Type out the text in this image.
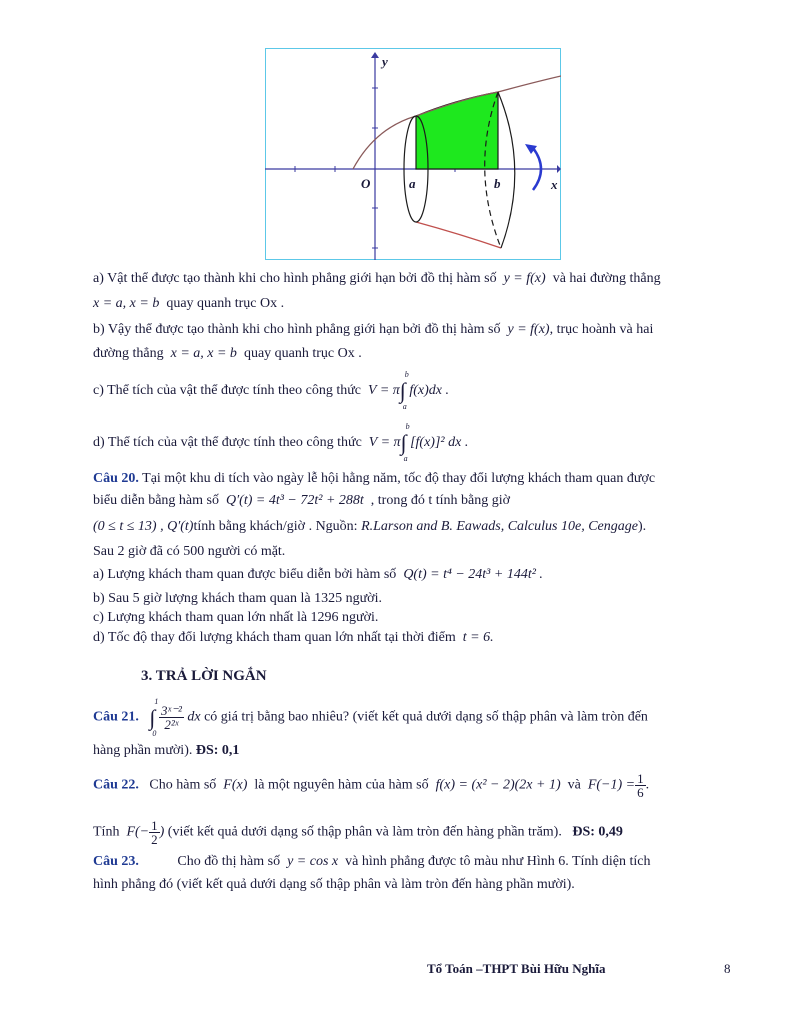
y
x
O	a	b
a) Vật thể được tạo thành khi cho hình phẳng giới hạn bởi đồ thị hàm số y = f(x) và hai đường thẳng
x = a, x = b quay quanh trục Ox .
b) Vậy thể được tạo thành khi cho hình phẳng giới hạn bởi đồ thị hàm số y = f(x), trục hoành và hai
đường thẳng x = a, x = b quay quanh trục Ox .
c) Thể tích của vật thể được tính theo công thức V = π∫
b
a
f(x)dx .
d) Thể tích của vật thể được tính theo công thức V = π∫
b
a
[f(x)]² dx .
Câu 20. Tại một khu di tích vào ngày lễ hội hằng năm, tốc độ thay đổi lượng khách tham quan được
biểu diễn bằng hàm số Q′(t) = 4t³ − 72t² + 288t , trong đó t tính bằng giờ
(0 ≤ t ≤ 13) , Q′(t)tính bằng khách/giờ . Nguồn: R.Larson and B. Eawads, Calculus 10e, Cengage).
Sau 2 giờ đã có 500 người có mặt.
a) Lượng khách tham quan được biểu diễn bởi hàm số Q(t) = t⁴ − 24t³ + 144t² .
b) Sau 5 giờ lượng khách tham quan là 1325 người.
c) Lượng khách tham quan lớn nhất là 1296 người.
d) Tốc độ thay đổi lượng khách tham quan lớn nhất tại thời điểm t = 6.
3. TRẢ LỜI NGẮN
Câu 21. ∫
1
0

$\frac{\text{3ˣ⁻²}}{\text{2²ˣ}}$ dx có giá trị bằng bao nhiêu? (viết kết quả dưới dạng số thập phân và làm tròn đến
hàng phần mười). ĐS: 0,1
Câu 22. Cho hàm số F(x) là một nguyên hàm của hàm số f(x) = (x² − 2)(2x + 1) và $F(-1) = \frac{1}{6}$ .
Tính $F(- \frac{1}{2}$ ) (viết kết quả dưới dạng số thập phân và làm tròn đến hàng phần trăm). ĐS: 0,49
Câu 23.	Cho đồ thị hàm số y = cos x và hình phẳng được tô màu như Hình 6. Tính diện tích
hình phẳng đó (viết kết quả dưới dạng số thập phân và làm tròn đến hàng phần mười).
Tổ Toán –THPT Bùi Hữu Nghĩa	8
